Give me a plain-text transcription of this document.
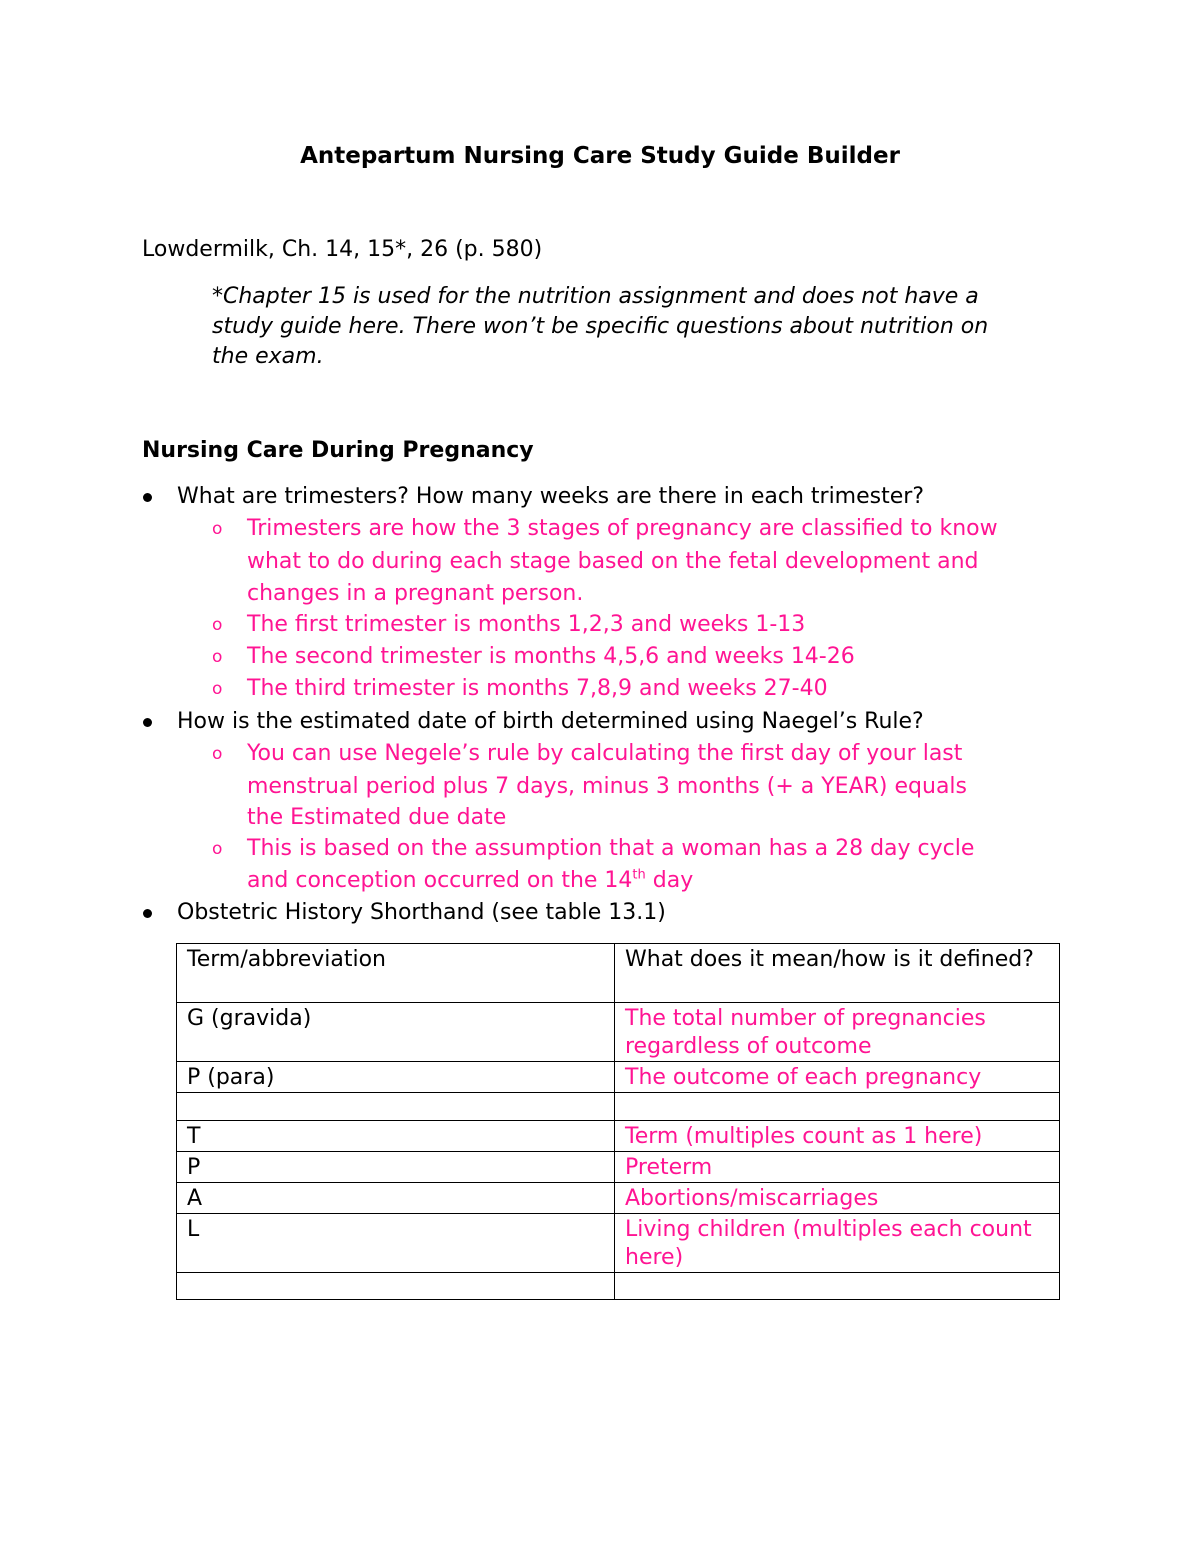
Antepartum Nursing Care Study Guide Builder
Lowdermilk, Ch. 14, 15*, 26 (p. 580)
*Chapter 15 is used for the nutrition assignment and does not have a
study guide here. There won’t be specific questions about nutrition on
the exam.
Nursing Care During Pregnancy
What are trimesters? How many weeks are there in each trimester?
o Trimesters are how the 3 stages of pregnancy are classified to know
what to do during each stage based on the fetal development and
changes in a pregnant person.
o The first trimester is months 1,2,3 and weeks 1-13
o The second trimester is months 4,5,6 and weeks 14-26
o The third trimester is months 7,8,9 and weeks 27-40
How is the estimated date of birth determined using Naegel’s Rule?
o You can use Negele’s rule by calculating the first day of your last
menstrual period plus 7 days, minus 3 months (+ a YEAR) equals
the Estimated due date
o This is based on the assumption that a woman has a 28 day cycle
and conception occurred on the 14th day
Obstetric History Shorthand (see table 13.1)
Term/abbreviation	What does it mean/how is it defined?
G (gravida)	The total number of pregnancies regardless of outcome
P (para)	The outcome of each pregnancy

T	Term (multiples count as 1 here)
P	Preterm
A	Abortions/miscarriages
L	Living children (multiples each count here)
